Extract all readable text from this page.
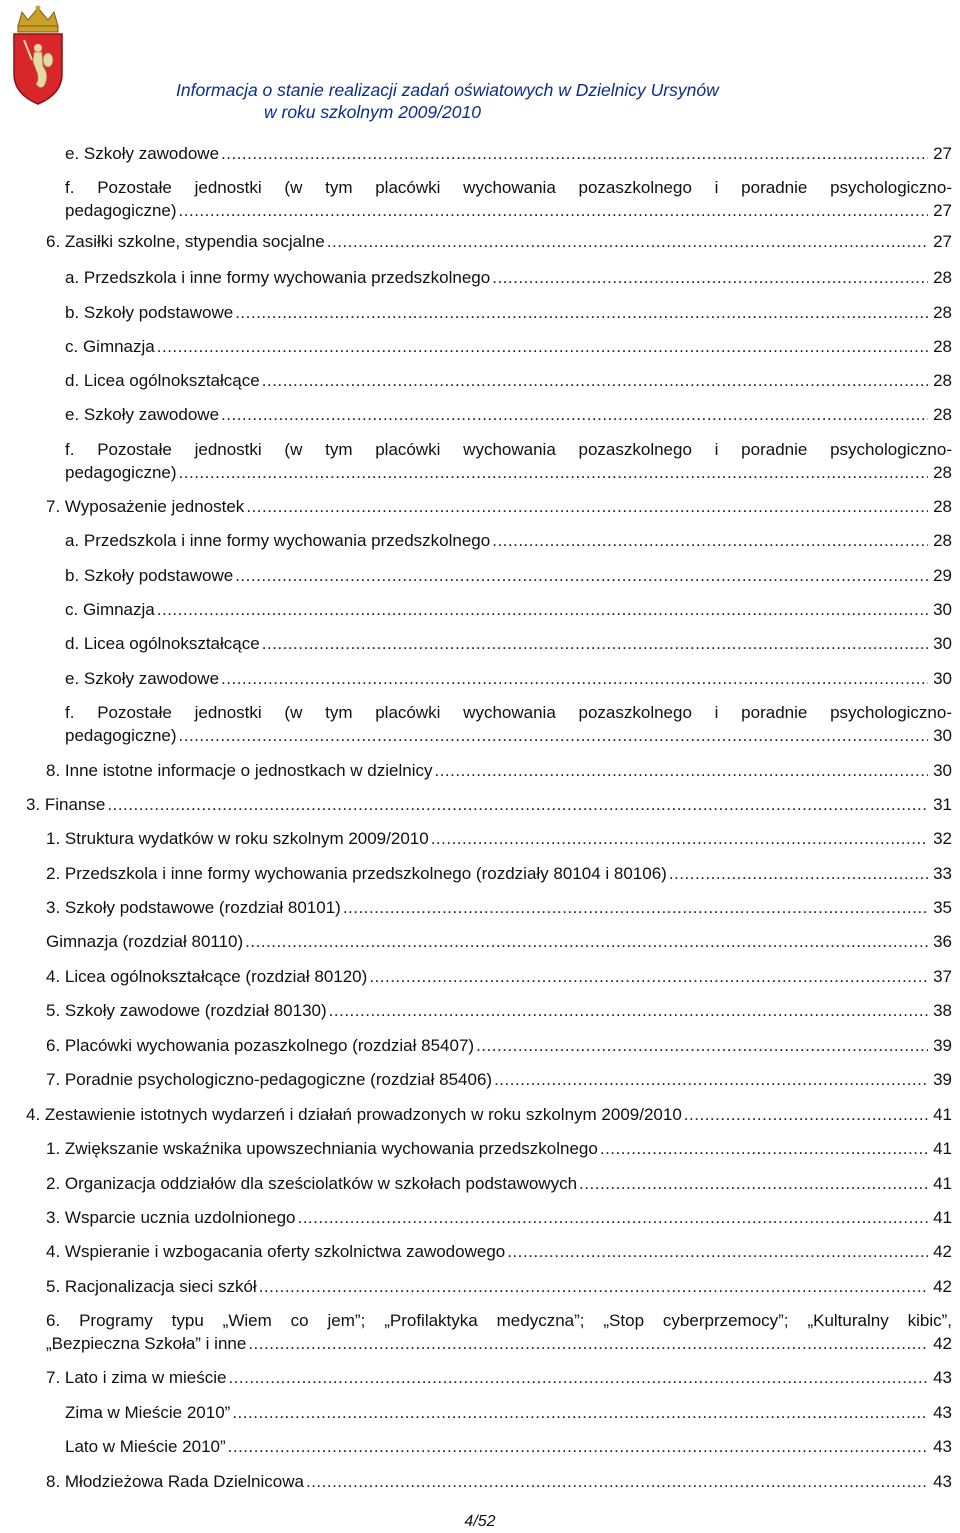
Informacja o stanie realizacji zadań oświatowych w Dzielnicy Ursynów
w roku szkolnym 2009/2010
e. Szkoły zawodowe .....	27
f. Pozostałe jednostki (w tym placówki wychowania pozaszkolnego i poradnie psychologiczno-
pedagogiczne) .....	27
6. Zasiłki szkolne, stypendia socjalne .....	27
a. Przedszkola i inne formy wychowania przedszkolnego .....	28
b. Szkoły podstawowe .....	28
c. Gimnazja .....	28
d. Licea ogólnokształcące .....	28
e. Szkoły zawodowe .....	28
f. Pozostałe jednostki (w tym placówki wychowania pozaszkolnego i poradnie psychologiczno-
pedagogiczne) .....	28
7. Wyposażenie jednostek .....	28
a. Przedszkola i inne formy wychowania przedszkolnego .....	28
b. Szkoły podstawowe .....	29
c. Gimnazja .....	30
d. Licea ogólnokształcące .....	30
e. Szkoły zawodowe .....	30
f. Pozostałe jednostki (w tym placówki wychowania pozaszkolnego i poradnie psychologiczno-
pedagogiczne) .....	30
8. Inne istotne informacje o jednostkach w dzielnicy .....	30
3. Finanse .....	31
1. Struktura wydatków w roku szkolnym 2009/2010 .....	32
2. Przedszkola i inne formy wychowania przedszkolnego (rozdziały 80104 i 80106) .....	33
3. Szkoły podstawowe (rozdział 80101) .....	35
Gimnazja (rozdział 80110) .....	36
4. Licea ogólnokształcące (rozdział 80120) .....	37
5. Szkoły zawodowe (rozdział 80130) .....	38
6. Placówki wychowania pozaszkolnego (rozdział 85407) .....	39
7. Poradnie psychologiczno-pedagogiczne (rozdział 85406) .....	39
4. Zestawienie istotnych wydarzeń i działań prowadzonych w roku szkolnym 2009/2010 .....	41
1. Zwiększanie wskaźnika upowszechniania wychowania przedszkolnego .....	41
2. Organizacja oddziałów dla sześciolatków w szkołach podstawowych .....	41
3. Wsparcie ucznia uzdolnionego .....	41
4. Wspieranie i wzbogacania oferty szkolnictwa zawodowego .....	42
5. Racjonalizacja sieci szkół .....	42
6. Programy typu „Wiem co jem”; „Profilaktyka medyczna”; „Stop cyberprzemocy”; „Kulturalny kibic”,
„Bezpieczna Szkoła” i inne .....	42
7. Lato i zima w mieście .....	43
Zima w Mieście 2010” .....	43
Lato w Mieście 2010” .....	43
8. Młodzieżowa Rada Dzielnicowa .....	43
4/52
